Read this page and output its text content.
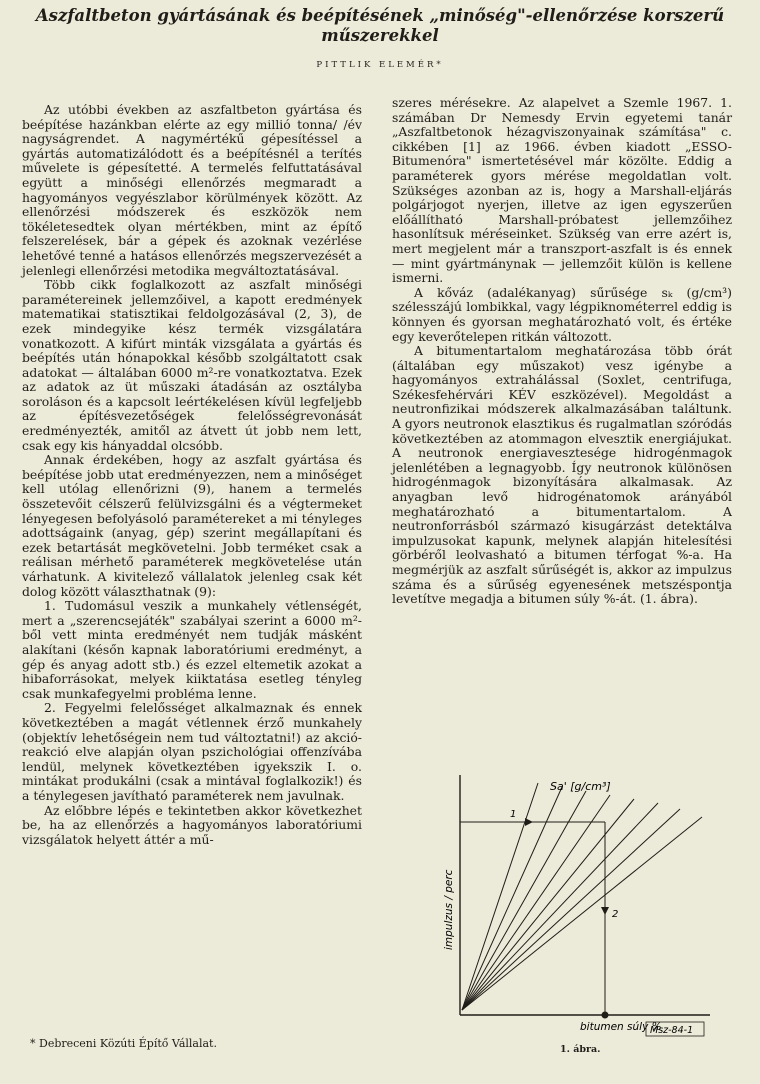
Aszfaltbeton gyártásának és beépítésének „minőség"-ellenőrzése korszerű műszerekkel
PITTLIK ELEMÉR*

Az utóbbi években az aszfaltbeton gyártása és beépítése hazánkban elérte az egy millió tonna/ /év nagyságrendet. A nagymértékű gépesítéssel a gyártás automatizálódott és a beépítésnél a terítés művelete is gépesítetté. A termelés felfuttatásával együtt a minőségi ellenőrzés megmaradt a hagyományos vegyészlabor körülmények között. Az ellenőrzési módszerek és eszközök nem tökéletesedtek olyan mértékben, mint az építő felszerelések, bár a gépek és azoknak vezérlése lehetővé tenné a hatásos ellenőrzés megszervezését a jelenlegi ellenőrzési metodika megváltoztatásával.

Több cikk foglalkozott az aszfalt minőségi paramétereinek jellemzőivel, a kapott eredmények matematikai statisztikai feldolgozásával (2, 3), de ezek mindegyike kész termék vizsgálatára vonatkozott. A kifúrt minták vizsgálata a gyártás és beépítés után hónapokkal később szolgáltatott csak adatokat — általában 6000 m²-re vonatkoztatva. Ezek az adatok az üt műszaki átadásán az osztályba soroláson és a kapcsolt leértékelésen kívül legfeljebb az építésvezetőségek felelősségrevonását eredményezték, amitől az átvett út jobb nem lett, csak egy kis hányaddal olcsóbb.

Annak érdekében, hogy az aszfalt gyártása és beépítése jobb utat eredményezzen, nem a minőséget kell utólag ellenőrizni (9), hanem a termelés összetevőit célszerű felülvizsgálni és a végtermeket lényegesen befolyásoló paramétereket a mi tényleges adottságaink (anyag, gép) szerint megállapítani és ezek betartását megkövetelni. Jobb terméket csak a reálisan mérhető paraméterek megkövetelése után várhatunk. A kivitelező vállalatok jelenleg csak két dolog között választhatnak (9):

1. Tudomásul veszik a munkahely vétlenségét, mert a „szerencsejáték" szabályai szerint a 6000 m²-ből vett minta eredményét nem tudják másként alakítani (későn kapnak laboratóriumi eredményt, a gép és anyag adott stb.) és ezzel eltemetik azokat a hibaforrásokat, melyek kiiktatása esetleg tényleg csak munkafegyelmi probléma lenne.

2. Fegyelmi felelősséget alkalmaznak és ennek következtében a magát vétlennek érző munkahely (objektív lehetőségein nem tud változtatni!) az akció-reakció elve alapján olyan pszichológiai offenzívába lendül, melynek következtében igyekszik I. o. mintákat produkálni (csak a mintával foglalkozik!) és a ténylegesen javítható paraméterek nem javulnak.

Az előbbre lépés e tekintetben akkor következhet be, ha az ellenőrzés a hagyományos laboratóriumi vizsgálatok helyett áttér a mű-

szeres mérésekre. Az alapelvet a Szemle 1967. 1. számában Dr Nemesdy Ervin egyetemi tanár „Aszfaltbetonok hézagviszonyainak számítása" c. cikkében [1] az 1966. évben kiadott „ESSO-Bitumenóra" ismertetésével már közölte. Eddig a paraméterek gyors mérése megoldatlan volt. Szükséges azonban az is, hogy a Marshall-eljárás polgárjogot nyerjen, illetve az igen egyszerűen előállítható Marshall-próbatest jellemzőihez hasonlítsuk méréseinket. Szükség van erre azért is, mert megjelent már a transzport-aszfalt is és ennek — mint gyártmánynak — jellemzőit külön is kellene ismerni.

A kőváz (adalékanyag) sűrűsége sₖ (g/cm³) szélesszájú lombikkal, vagy légpiknométerrel eddig is könnyen és gyorsan meghatározható volt, és értéke egy keverőtelepen ritkán változott.

A bitumentartalom meghatározása több órát (általában egy műszakot) vesz igénybe a hagyományos extrahálással (Soxlet, centrifuga, Székesfehérvári KÉV eszközével). Megoldást a neutronfizikai módszerek alkalmazásában találtunk. A gyors neutronok elasztikus és rugalmatlan szóródás következtében az atommagon elvesztik energiájukat. A neutronok energiavesztesége hidrogénmagok jelenlétében a legnagyobb. Így neutronok különösen hidrogénmagok bizonyítására alkalmasak. Az anyagban levő hidrogénatomok arányából meghatározható a bitumentartalom. A neutronforrásból származó kisugárzást detektálva impulzusokat kapunk, melynek alapján hitelesítési görbéről leolvasható a bitumen térfogat %-a. Ha megmérjük az aszfalt sűrűségét is, akkor az impulzus száma és a sűrűség egyenesének metszéspontja levetítve megadja a bitumen súly %-át. (1. ábra).

Sa' [g/cm³]
1
2
impulzus / perc
bitumen súly %
Msz-84-1
* Debreceni Közúti Építő Vállalat.	1. ábra.
